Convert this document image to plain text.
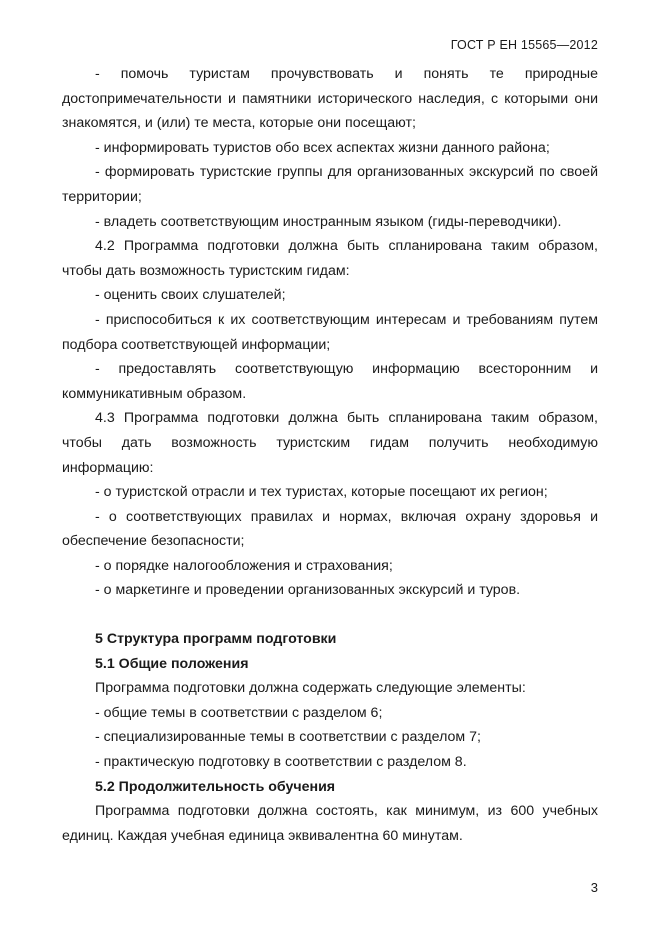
ГОСТ Р ЕН 15565—2012

- помочь туристам прочувствовать и понять те природные достопримечательности и памятники исторического наследия, с которыми они знакомятся, и (или) те места, которые они посещают;

- информировать туристов обо всех аспектах жизни данного района;

- формировать туристские группы для организованных экскурсий по своей территории;

- владеть соответствующим иностранным языком (гиды-переводчики).

4.2 Программа подготовки должна быть спланирована таким образом, чтобы дать возможность туристским гидам:

- оценить своих слушателей;

- приспособиться к их соответствующим интересам и требованиям путем подбора соответствующей информации;

- предоставлять соответствующую информацию всесторонним и коммуникативным образом.

4.3 Программа подготовки должна быть спланирована таким образом, чтобы дать возможность туристским гидам получить необходимую информацию:

- о туристской отрасли и тех туристах, которые посещают их регион;

- о соответствующих правилах и нормах, включая охрану здоровья и обеспечение безопасности;

- о порядке налогообложения и страхования;

- о маркетинге и проведении организованных экскурсий и туров.

5 Структура программ подготовки

5.1 Общие положения

Программа подготовки должна содержать следующие элементы:

- общие темы в соответствии с разделом 6;

- специализированные темы в соответствии с разделом 7;

- практическую подготовку в соответствии с разделом 8.

5.2 Продолжительность обучения

Программа подготовки должна состоять, как минимум, из 600 учебных единиц. Каждая учебная единица эквивалентна 60 минутам.

3
